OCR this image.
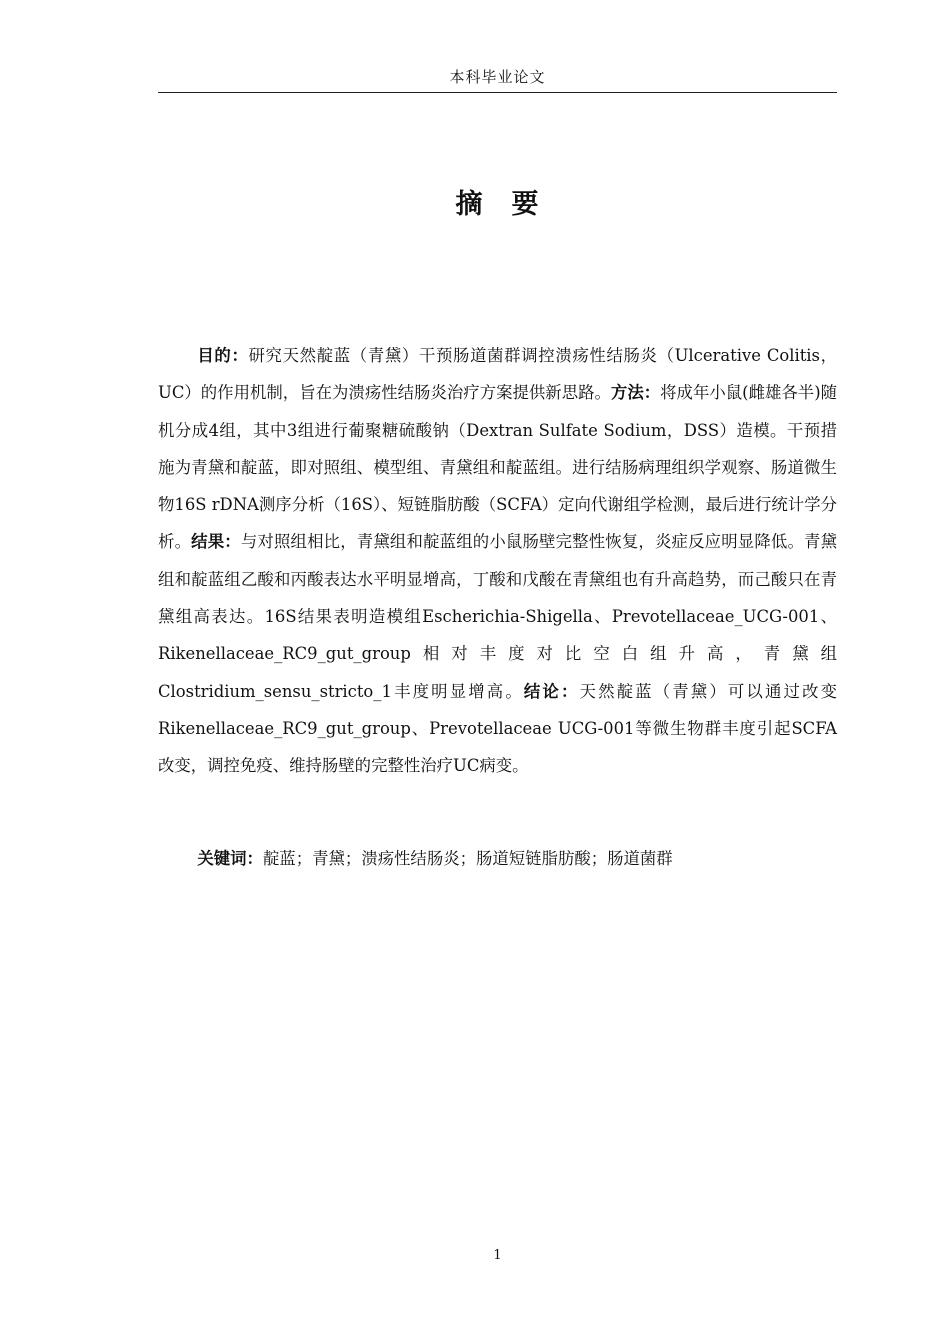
本科毕业论文
摘 要

目的：研究天然靛蓝（青黛）干预肠道菌群调控溃疡性结肠炎（Ulcerative Colitis，UC）的作用机制，旨在为溃疡性结肠炎治疗方案提供新思路。方法：将成年小鼠(雌雄各半)随机分成4组，其中3组进行葡聚糖硫酸钠（Dextran Sulfate Sodium，DSS）造模。干预措施为青黛和靛蓝，即对照组、模型组、青黛组和靛蓝组。进行结肠病理组织学观察、肠道微生物16S rDNA测序分析（16S）、短链脂肪酸（SCFA）定向代谢组学检测，最后进行统计学分析。结果：与对照组相比，青黛组和靛蓝组的小鼠肠壁完整性恢复，炎症反应明显降低。青黛组和靛蓝组乙酸和丙酸表达水平明显增高，丁酸和戊酸在青黛组也有升高趋势，而己酸只在青黛组高表达。16S结果表明造模组Escherichia-Shigella、Prevotellaceae_UCG-001、Rikenellaceae_RC9_gut_group相对丰度对比空白组升高，青黛组Clostridium_sensu_stricto_1丰度明显增高。结论：天然靛蓝（青黛）可以通过改变Rikenellaceae_RC9_gut_group、Prevotellaceae UCG-001等微生物群丰度引起SCFA改变，调控免疫、维持肠壁的完整性治疗UC病变。

关键词：靛蓝；青黛；溃疡性结肠炎；肠道短链脂肪酸；肠道菌群

1
